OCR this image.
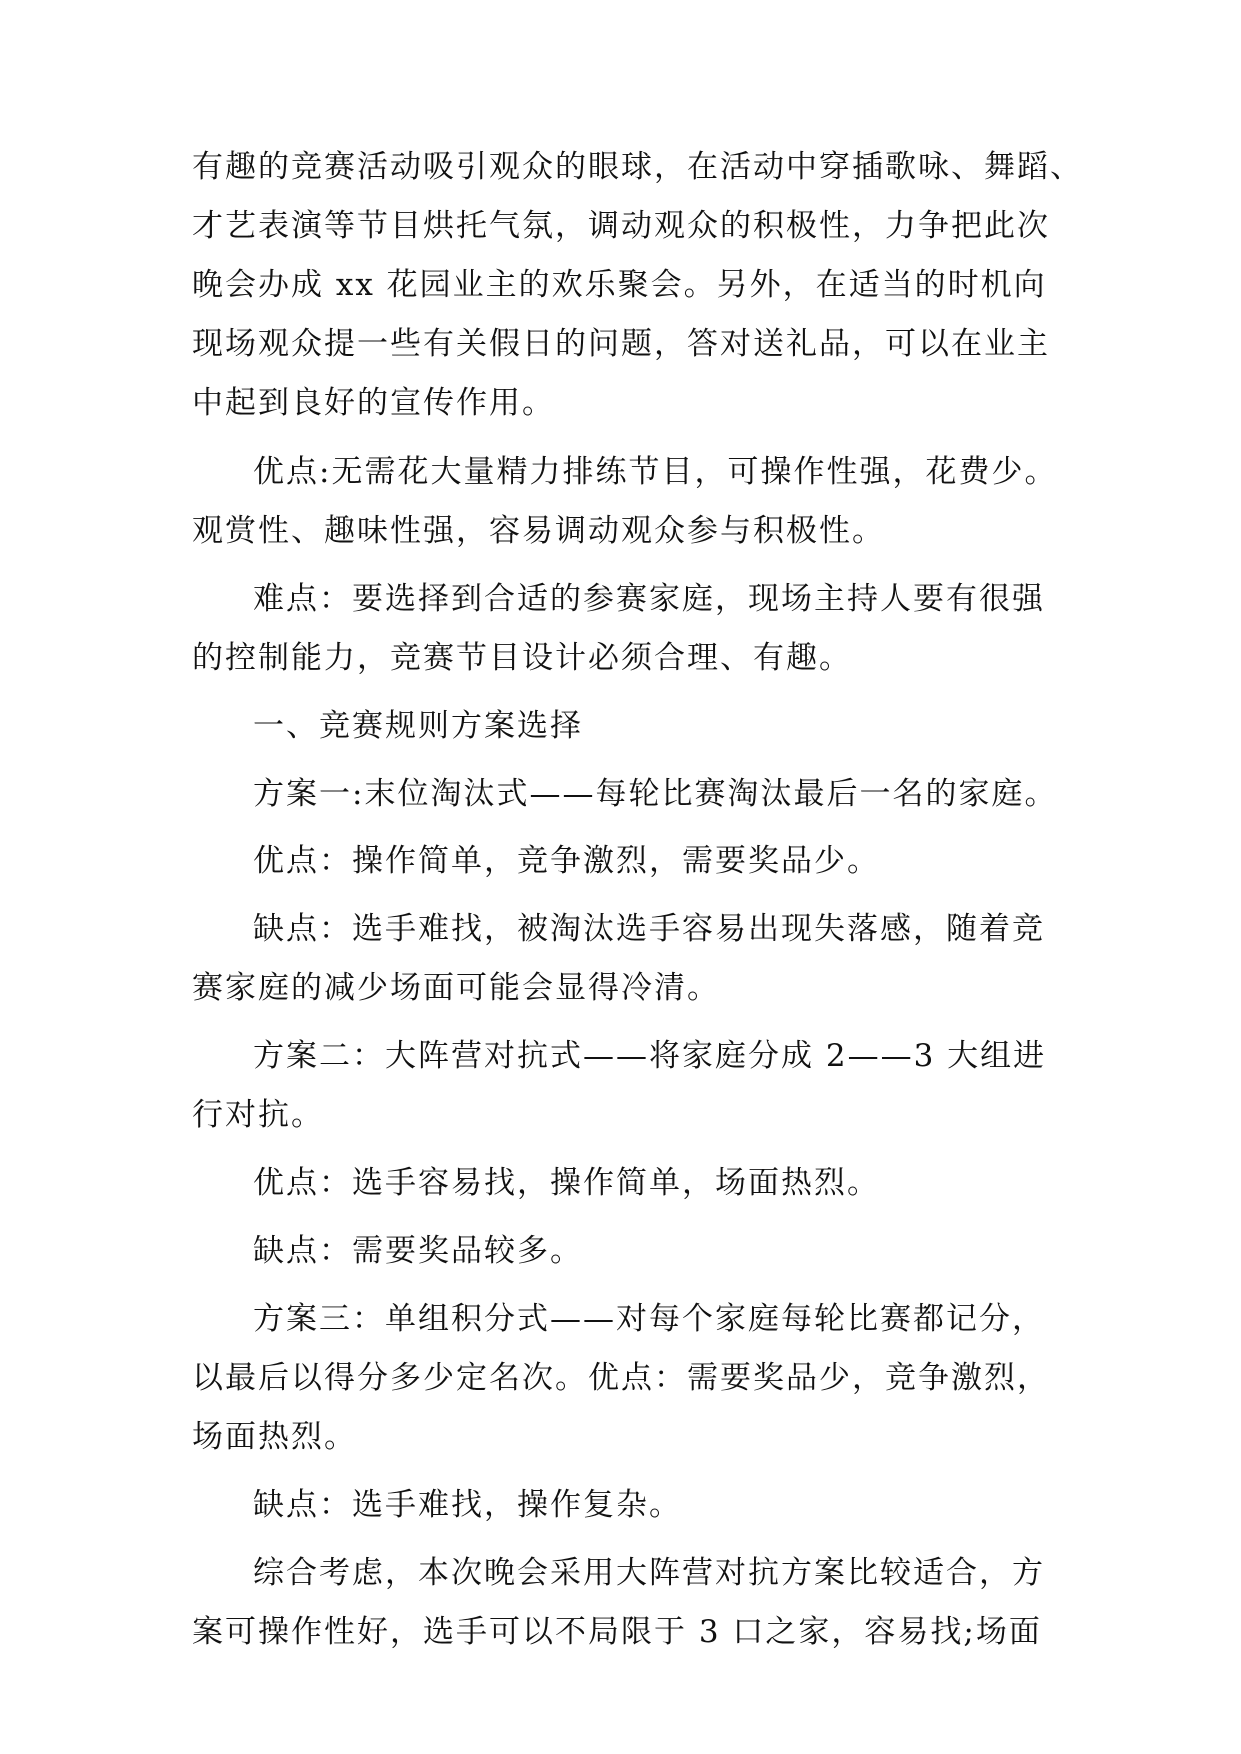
有趣的竞赛活动吸引观众的眼球，在活动中穿插歌咏、舞蹈、
才艺表演等节目烘托气氛，调动观众的积极性，力争把此次
晚会办成 xx 花园业主的欢乐聚会。另外，在适当的时机向
现场观众提一些有关假日的问题，答对送礼品，可以在业主
中起到良好的宣传作用。
优点:无需花大量精力排练节目，可操作性强，花费少。
观赏性、趣味性强，容易调动观众参与积极性。
难点：要选择到合适的参赛家庭，现场主持人要有很强
的控制能力，竞赛节目设计必须合理、有趣。
一、竞赛规则方案选择
方案一:末位淘汰式——每轮比赛淘汰最后一名的家庭。
优点：操作简单，竞争激烈，需要奖品少。
缺点：选手难找，被淘汰选手容易出现失落感，随着竞
赛家庭的减少场面可能会显得冷清。
方案二：大阵营对抗式——将家庭分成 2——3 大组进
行对抗。
优点：选手容易找，操作简单，场面热烈。
缺点：需要奖品较多。
方案三：单组积分式——对每个家庭每轮比赛都记分，
以最后以得分多少定名次。优点：需要奖品少，竞争激烈，
场面热烈。
缺点：选手难找，操作复杂。
综合考虑，本次晚会采用大阵营对抗方案比较适合，方
案可操作性好，选手可以不局限于 3 口之家，容易找;场面
